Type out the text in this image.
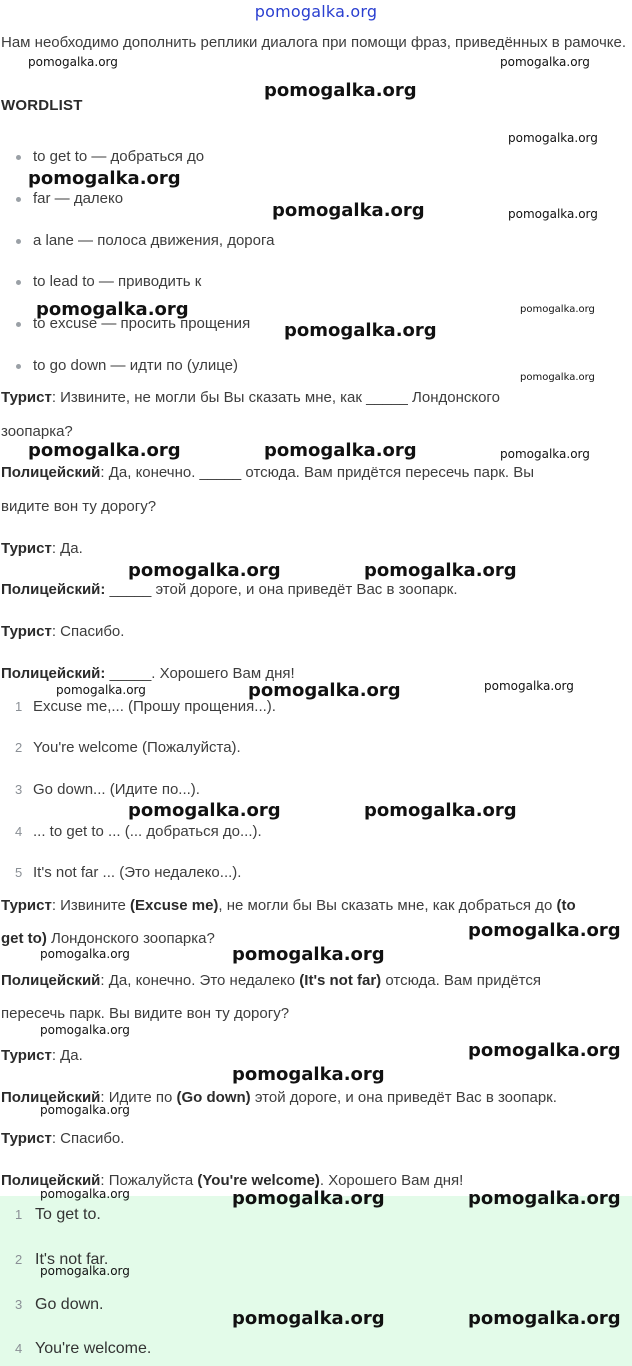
pomogalka.org
Нам необходимо дополнить реплики диалога при помощи фраз, приведённых в рамочке.
WORDLIST
to get to — добраться до
far — далеко
a lane — полоса движения, дорога
to lead to — приводить к
to excuse — просить прощения
to go down — идти по (улице)
Турист: Извините, не могли бы Вы сказать мне, как _____ Лондонского
зоопарка?
Полицейский: Да, конечно. _____ отсюда. Вам придётся пересечь парк. Вы
видите вон ту дорогу?
Турист: Да.
Полицейский: _____ этой дороге, и она приведёт Вас в зоопарк.
Турист: Спасибо.
Полицейский: _____. Хорошего Вам дня!
1 Excuse me,... (Прошу прощения...).
2 You're welcome (Пожалуйста).
3 Go down... (Идите по...).
4 ... to get to ... (... добраться до...).
5 It's not far ... (Это недалеко...).
Турист: Извините (Excuse me), не могли бы Вы сказать мне, как добраться до (to
get to) Лондонского зоопарка?
Полицейский: Да, конечно. Это недалеко (It's not far) отсюда. Вам придётся
пересечь парк. Вы видите вон ту дорогу?
Турист: Да.
Полицейский: Идите по (Go down) этой дороге, и она приведёт Вас в зоопарк.
Турист: Спасибо.
Полицейский: Пожалуйста (You're welcome). Хорошего Вам дня!
1 To get to.
2 It's not far.
3 Go down.
4 You're welcome.
pomogalka.org	pomogalka.org
pomogalka.org
pomogalka.org
pomogalka.org
pomogalka.org	pomogalka.org
pomogalka.org	pomogalka.org
pomogalka.org
pomogalka.org
pomogalka.org	pomogalka.org	pomogalka.org
pomogalka.org	pomogalka.org
pomogalka.org	pomogalka.org	pomogalka.org
pomogalka.org	pomogalka.org
pomogalka.org
pomogalka.org	pomogalka.org
pomogalka.org
pomogalka.org
pomogalka.org
pomogalka.org
pomogalka.org	pomogalka.org	pomogalka.org
pomogalka.org
pomogalka.org	pomogalka.org
